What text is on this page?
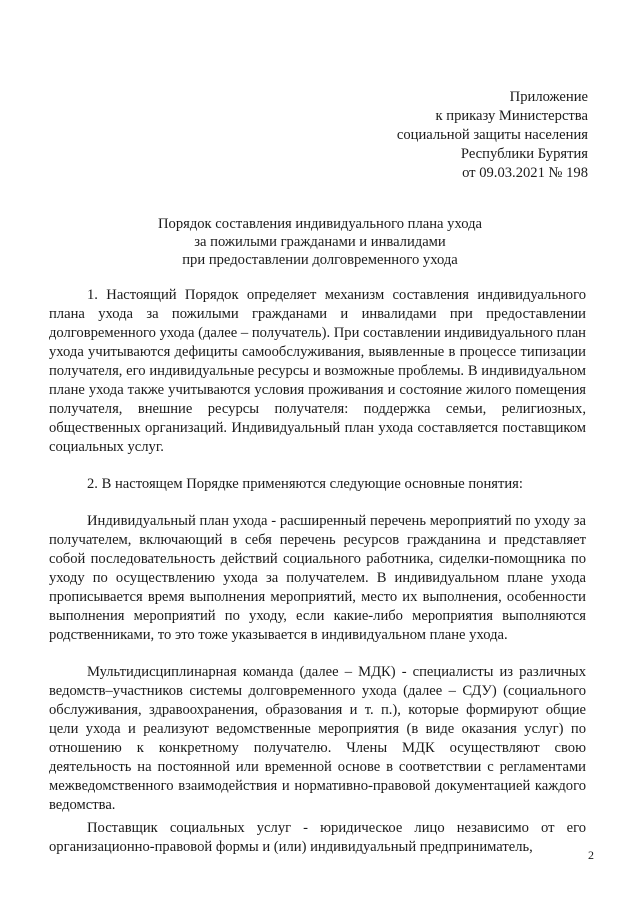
Приложение
к приказу Министерства
социальной защиты населения
Республики Бурятия
от 09.03.2021 № 198
Порядок составления индивидуального плана ухода
за пожилыми гражданами и инвалидами
при предоставлении долговременного ухода

1. Настоящий Порядок определяет механизм составления индивидуального плана ухода за пожилыми гражданами и инвалидами при предоставлении долговременного ухода (далее – получатель). При составлении индивидуального план ухода учитываются дефициты самообслуживания, выявленные в процессе типизации получателя, его индивидуальные ресурсы и возможные проблемы. В индивидуальном плане ухода также учитываются условия проживания и состояние жилого помещения получателя, внешние ресурсы получателя: поддержка семьи, религиозных, общественных организаций. Индивидуальный план ухода составляется поставщиком социальных услуг.

2. В настоящем Порядке применяются следующие основные понятия:

Индивидуальный план ухода - расширенный перечень мероприятий по уходу за получателем, включающий в себя перечень ресурсов гражданина и представляет собой последовательность действий социального работника, сиделки-помощника по уходу по осуществлению ухода за получателем. В индивидуальном плане ухода прописывается время выполнения мероприятий, место их выполнения, особенности выполнения мероприятий по уходу, если какие-либо мероприятия выполняются родственниками, то это тоже указывается в индивидуальном плане ухода.

Мультидисциплинарная команда (далее – МДК) - специалисты из различных ведомств–участников системы долговременного ухода (далее – СДУ) (социального обслуживания, здравоохранения, образования и т. п.), которые формируют общие цели ухода и реализуют ведомственные мероприятия (в виде оказания услуг) по отношению к конкретному получателю. Члены МДК осуществляют свою деятельность на постоянной или временной основе в соответствии с регламентами межведомственного взаимодействия и нормативно-правовой документацией каждого ведомства.

Поставщик социальных услуг - юридическое лицо независимо от его организационно-правовой формы и (или) индивидуальный предприниматель,	2
